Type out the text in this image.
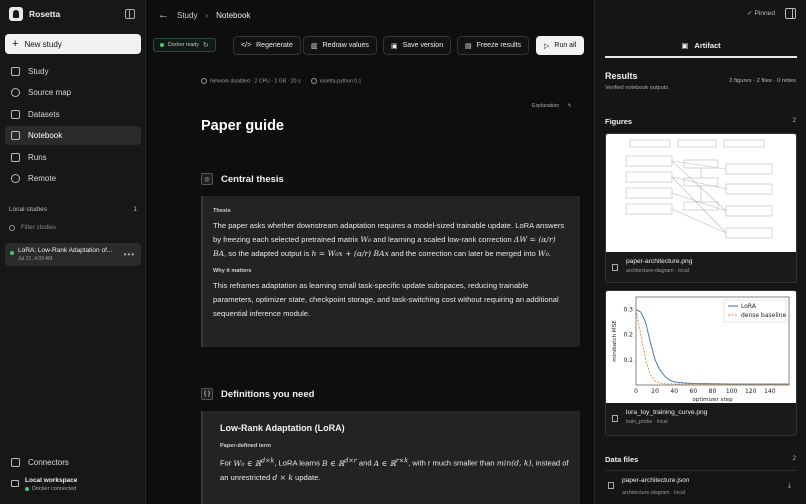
Rosetta
+ New study
Study
Source map
Datasets
Notebook
Runs
Remote
Local studies	1
Filter studies
LoRA: Low-Rank Adaptation of...
Jul 21, 4:09 AM	•••
Connectors
Local workspace
Docker connected
← Study › Notebook
Docker ready ↻	</> Regenerate	▥ Redraw values	▣ Save version	▤ Freeze results	▷ Run all
Network disabled · 2 CPU · 2 GB · 20 s	rosetta-python:0.1
Explanation ✎
Paper guide
◎	Central thesis
Thesis
The paper asks whether downstream adaptation requires a model-sized trainable update. LoRA answers by freezing each selected pretrained matrix W₀ and learning a scaled low-rank correction ΔW = (α/r) BA, so the adapted output is h = W₀x + (α/r) BAx and the correction can later be merged into W₀.
Why it matters
This reframes adaptation as learning small task-specific update subspaces, reducing trainable parameters, optimizer state, checkpoint storage, and task-switching cost without requiring an additional sequential inference module.
{ } Definitions you need
Low-Rank Adaptation (LoRA)
Paper-defined term
For W₀ ∈ ℝ$^{d\times k}$, LoRA learns B ∈ ℝ$^{d\times r}$ and A ∈ ℝ$^{r\times k}$, with r much smaller than min(d, k), instead of an unrestricted d × k update.
✓ Pinned
▣ Artifact
Results
Verified notebook outputs
2 figures · 2 files · 0 notes
Figures	2
paper-architecture.png
architecture-diagram · local
0 20 40 60 80 100 120 140
0.1
0.2
0.3
optimizer step
minibatch MSE
LoRA
dense baseline
lora_toy_training_curve.png
train_probe · local
Data files	2
paper-architecture.json
architecture-diagram · local
⤓
